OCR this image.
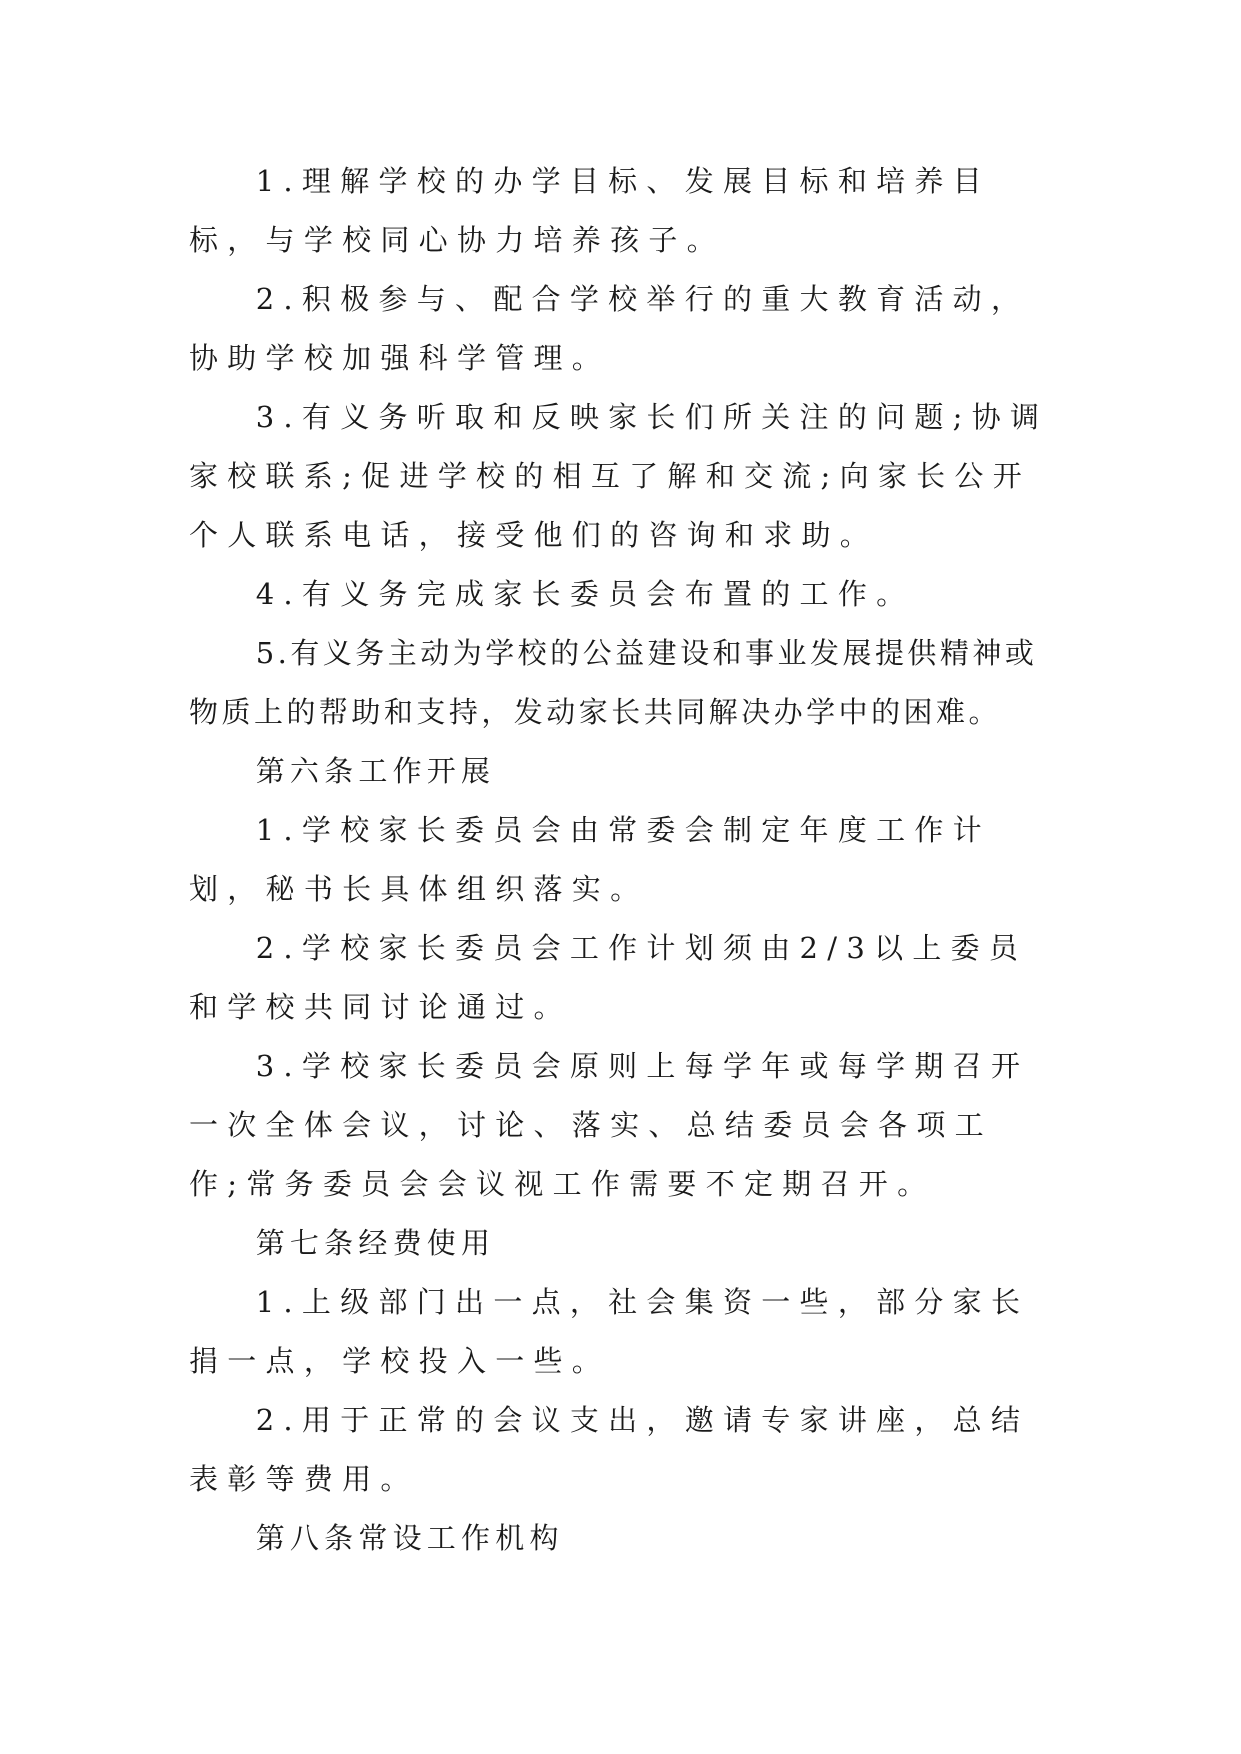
1.理解学校的办学目标、发展目标和培养目标，与学校同心协力培养孩子。

2.积极参与、配合学校举行的重大教育活动，协助学校加强科学管理。

3.有义务听取和反映家长们所关注的问题;协调家校联系;促进学校的相互了解和交流;向家长公开个人联系电话，接受他们的咨询和求助。

4.有义务完成家长委员会布置的工作。

5.有义务主动为学校的公益建设和事业发展提供精神或物质上的帮助和支持，发动家长共同解决办学中的困难。

第六条工作开展

1.学校家长委员会由常委会制定年度工作计划，秘书长具体组织落实。

2.学校家长委员会工作计划须由2/3以上委员和学校共同讨论通过。

3.学校家长委员会原则上每学年或每学期召开一次全体会议，讨论、落实、总结委员会各项工作;常务委员会会议视工作需要不定期召开。

第七条经费使用

1.上级部门出一点，社会集资一些，部分家长捐一点，学校投入一些。

2.用于正常的会议支出，邀请专家讲座，总结表彰等费用。

第八条常设工作机构
